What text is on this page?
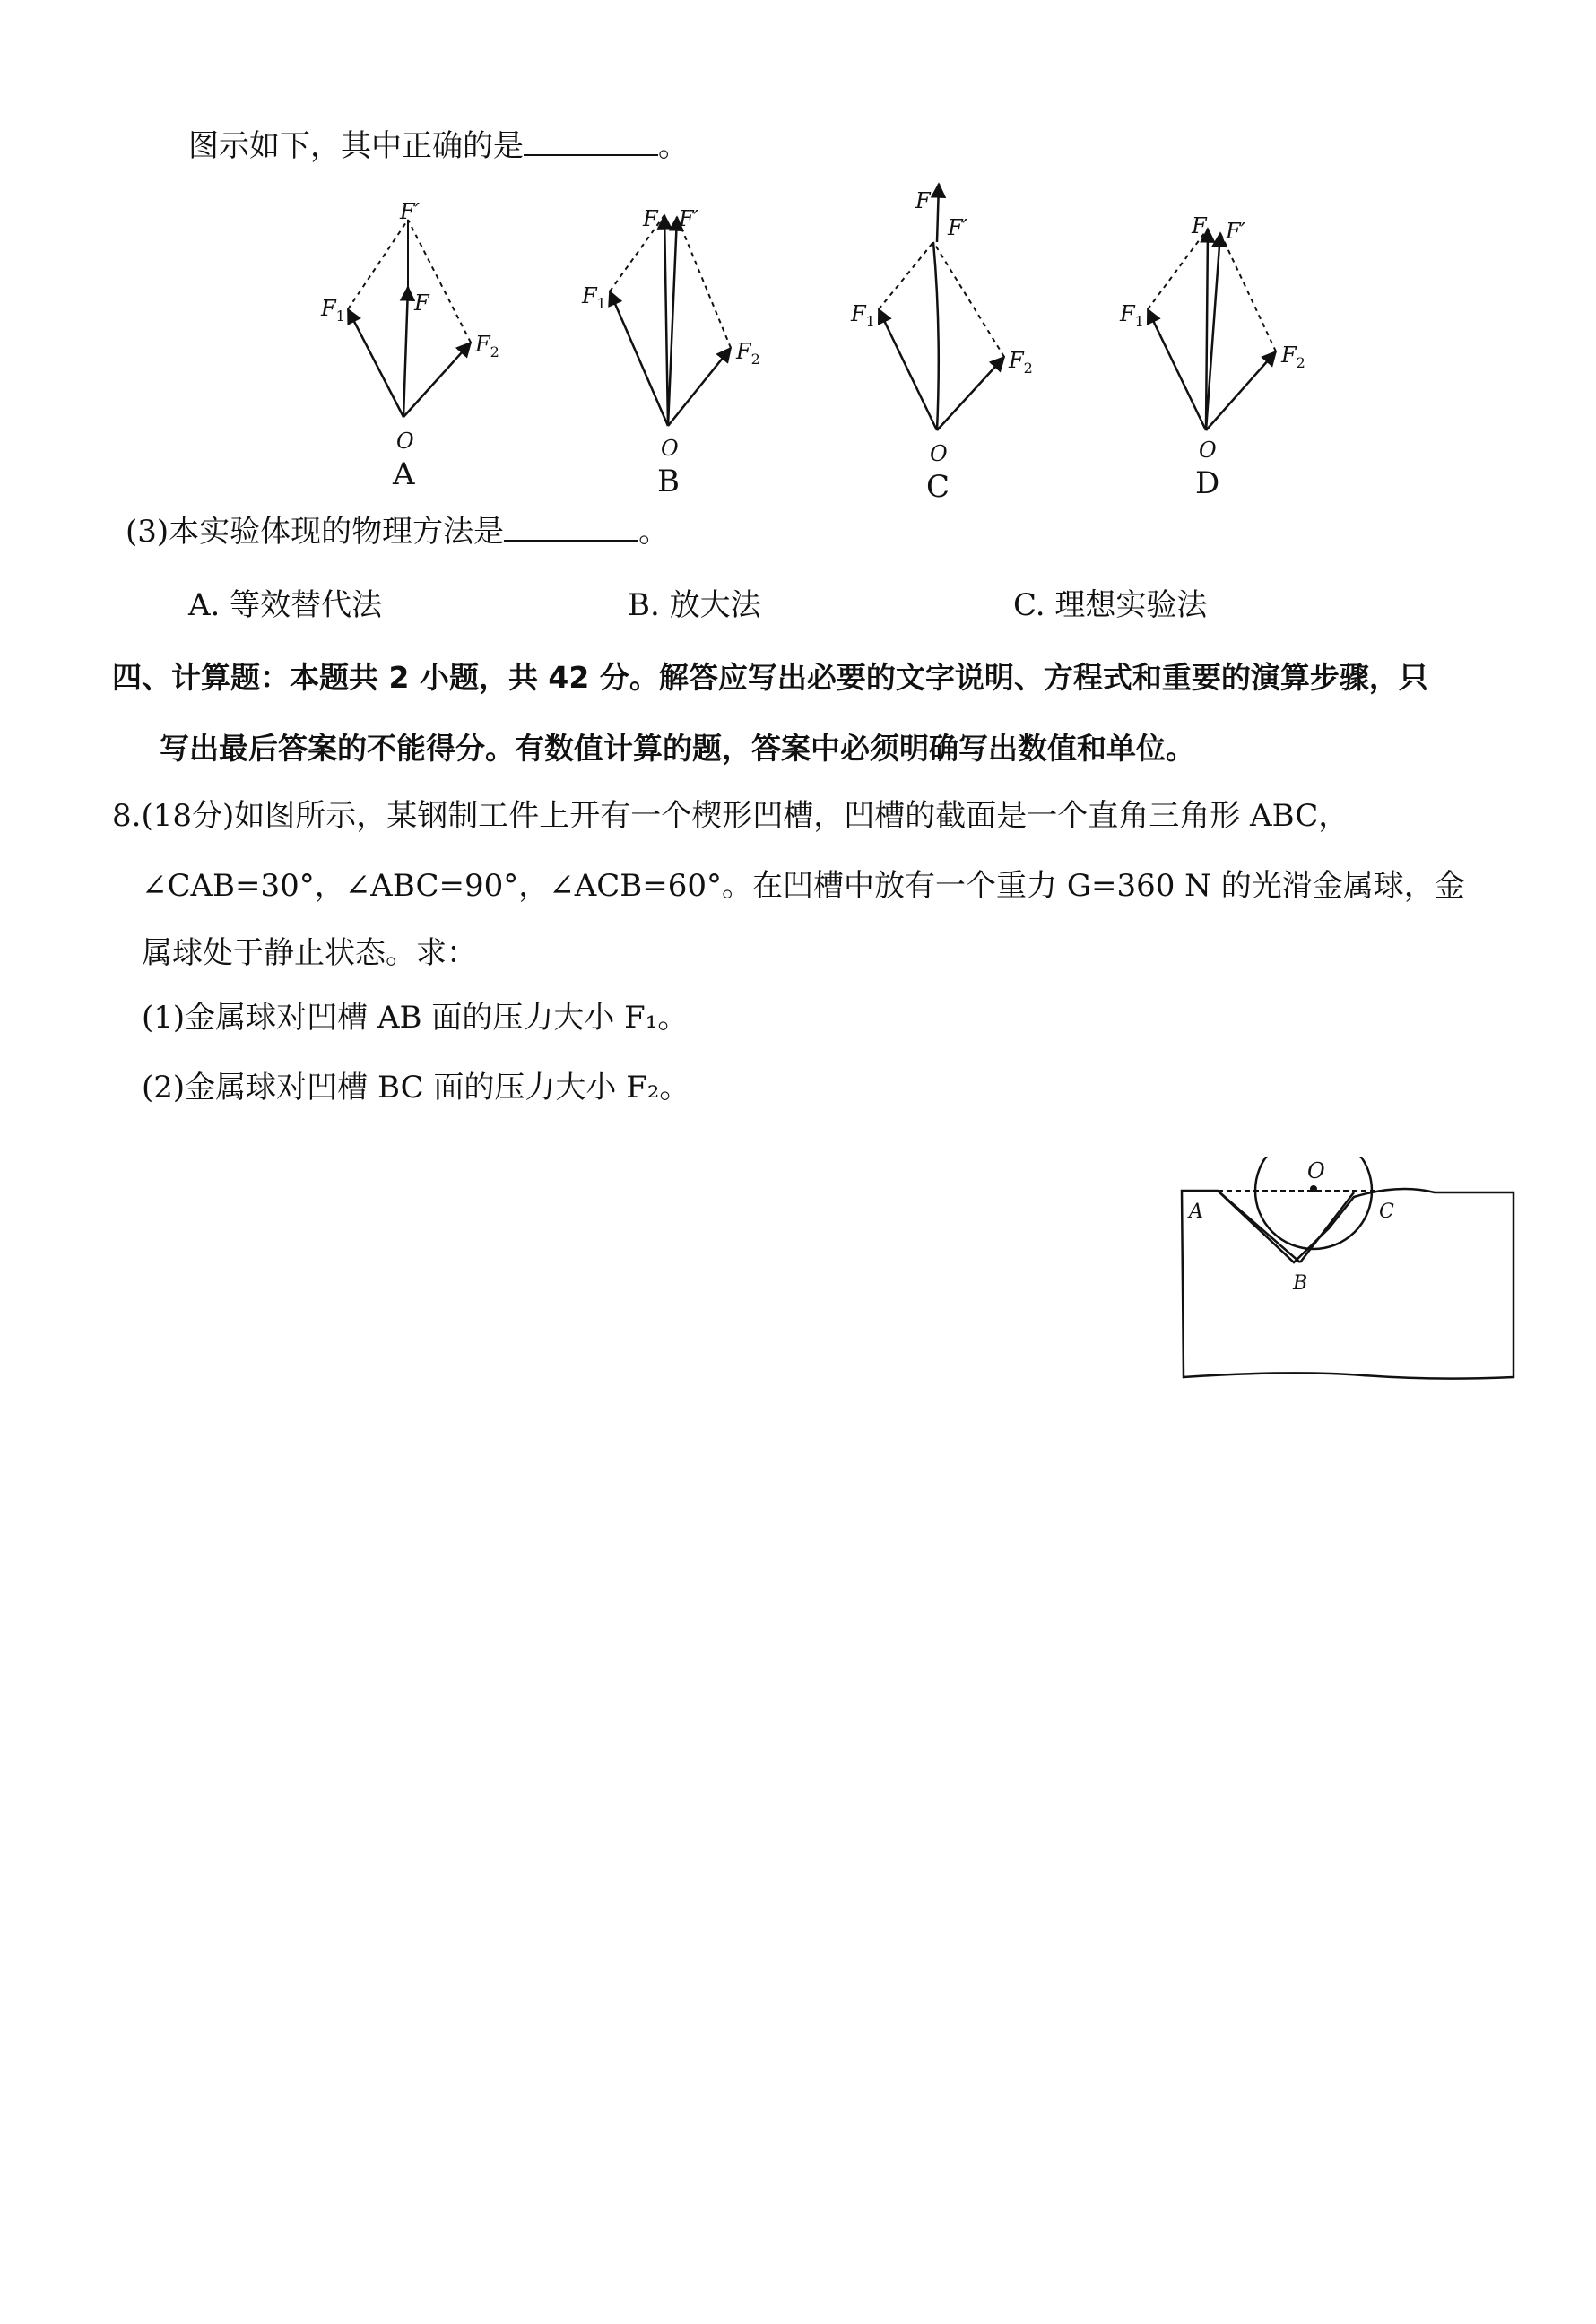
图示如下，其中正确的是	。
F′
F
$F_1$
$F_2$
O
A
F F′
$F_1$
$F_2$
O
B
F
F′
$F_1$
$F_2$
O
C
F F′
$F_1$
$F_2$
O
D
(3)本实验体现的物理方法是	。
A. 等效替代法	B. 放大法	C. 理想实验法
四、计算题：本题共 2 小题，共 42 分。解答应写出必要的文字说明、方程式和重要的演算步骤，只
写出最后答案的不能得分。有数值计算的题，答案中必须明确写出数值和单位。
8.(18分)如图所示，某钢制工件上开有一个楔形凹槽，凹槽的截面是一个直角三角形 ABC，
∠CAB=30°，∠ABC=90°，∠ACB=60°。在凹槽中放有一个重力 G=360 N 的光滑金属球，金
属球处于静止状态。求：
(1)金属球对凹槽 AB 面的压力大小 F₁。
(2)金属球对凹槽 BC 面的压力大小 F₂。
O
A	C
B
